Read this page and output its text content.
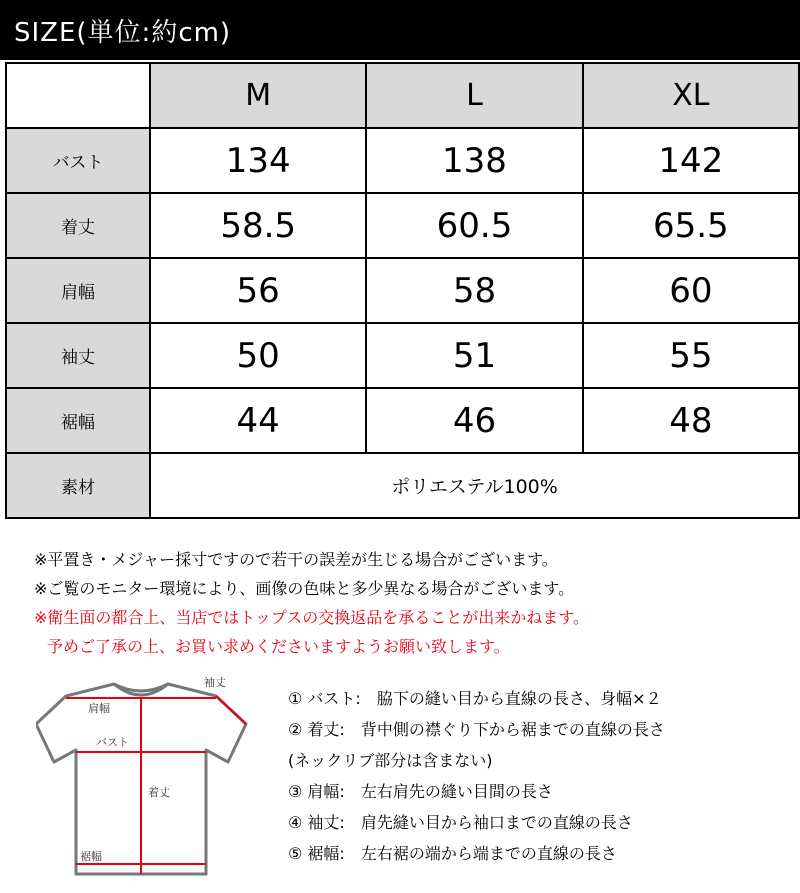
SIZE(単位:約cm)
	M	L	XL
バスト	134	138	142
着丈	58.5	60.5	65.5
肩幅	56	58	60
袖丈	50	51	55
裾幅	44	46	48
素材	ポリエステル100%		
※平置き・メジャー採寸ですので若干の誤差が生じる場合がございます。
※ご覧のモニター環境により、画像の色味と多少異なる場合がございます。
※衛生面の都合上、当店ではトップスの交換返品を承ることが出来かねます。
予めご了承の上、お買い求めくださいますようお願い致します。
袖丈
肩幅
バスト
着丈
裾幅
① バスト:　脇下の縫い目から直線の長さ、身幅×２
② 着丈:　背中側の襟ぐり下から裾までの直線の長さ
(ネックリブ部分は含まない)
③ 肩幅:　左右肩先の縫い目間の長さ
④ 袖丈:　肩先縫い目から袖口までの直線の長さ
⑤ 裾幅:　左右裾の端から端までの直線の長さ
